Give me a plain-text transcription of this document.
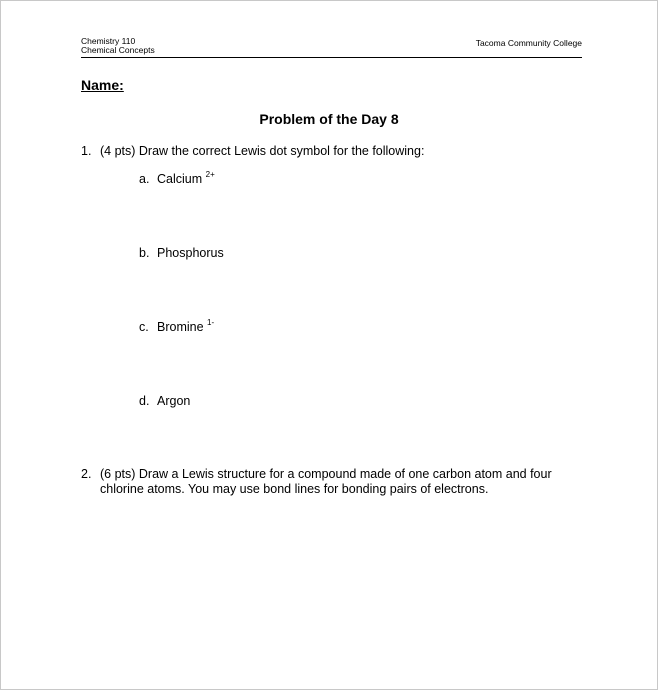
Chemistry 110
Chemical Concepts
Tacoma Community College
Name:
Problem of the Day 8
1. (4 pts) Draw the correct Lewis dot symbol for the following:
a. Calcium $^{2+}$
b. Phosphorus
c. Bromine $^{1-}$
d. Argon
2. (6 pts) Draw a Lewis structure for a compound made of one carbon atom and four
chlorine atoms. You may use bond lines for bonding pairs of electrons.
